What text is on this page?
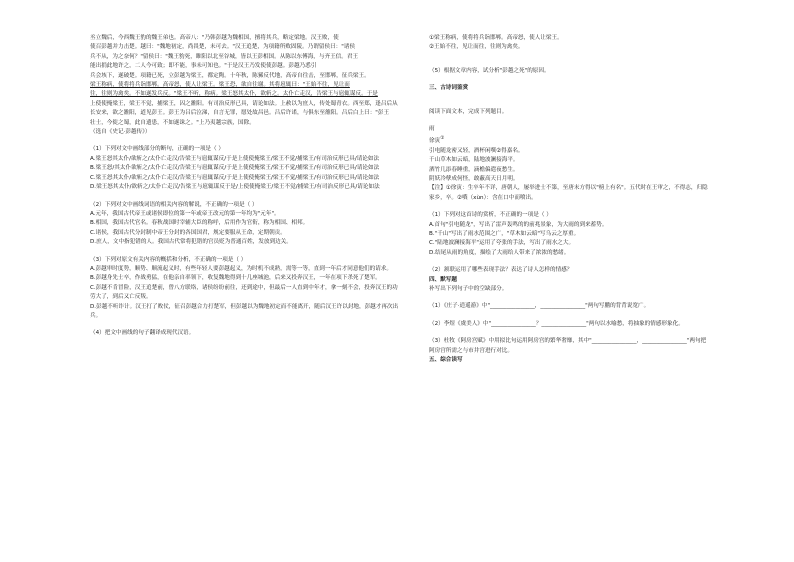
丞立魏后，今西魏王豹的魏王弟也。高帝八："乃韩彭越为魏相国，擅将其兵，略定梁地。汉王败，使

使召彭越并力击楚。越曰："魏地初定，尚畏楚，未可去。"汉王追楚，为项籍所败固陵。乃谓留侯曰："诸侯

兵不从，为之奈何？"留侯曰："魏王豹死，睢阳以北至谷城，皆以王彭相国。从陈以东傅海，与齐王信。君王

能出捐此地许之，二人今可致；即不能，事未可知也。"于是汉王乃发使使彭越。彭越乃悉引

兵会垓下，遂破楚。项籍已死，立彭越为梁王，都定陶。十年秋，陈豨反代地，高帝自往击，至邯郸，征兵梁王。

梁王称病，使将将兵诣邯郸。高帝怒，使人让梁王。梁王恐，欲自往谢。其将扈辄曰："王始不往，见让而

往，往则为禽矣。不如遂发兵反。"梁王不听，称病。梁王怒其太仆，欲斩之。太仆亡走汉，告梁王与扈辄谋反。于是

上使使掩梁王，梁王不觉，捕梁王，囚之雒阳。有司治反形已具，请论如法。上赦以为庶人，传处蜀青衣。西至郑，逢吕后从长安来，欲之雒阳，道见彭王。彭王为吕后泣涕，自言无罪，愿处故昌邑。吕后许诺，与俱东至雒阳。吕后白上曰："彭王

壮士，今徙之蜀，此自遗患，不如遂诛之。"上乃夷越宗族，国除。

（选自《史记·彭越传》）

（1）下列对文中画线部分的断句，正确的一项是（ ）

A.梁王怒其太仆/欲斩之/太仆亡走汉/告梁王与扈辄谋反/于是上使使掩梁王/梁王不觉/捕梁王/有司治反形已具/请论如法

B.梁王怒/其太仆欲斩之/太仆亡走汉/告梁王与扈辄谋反/于是上使使掩梁王/梁王不觉/捕梁王/有司治反形已具/请论如法

C.梁王怒其太仆/欲斩之/太仆亡走汉/告梁王与扈辄谋反/于是上使使掩梁王/梁王不觉/捕梁王/有司治反形已具/请论如法

D.梁王怒其太仆/欲斩之/太仆亡走汉/告梁王与扈辄谋反于是/上使使掩梁王/梁王不觉/捕梁王/有司治反形已具/请论如法

（2）下列对文中画线词语的相关内容的解说，不正确的一项是（ ）

A.元年，我国古代帝王或诸侯即位的第一年或帝王改元的第一年均为"元年"。

B.相国，我国古代官名。春秋战国时宰辅大臣的称呼，后用作为官衔，称为相国、相邦。

C.诸侯，我国古代分封制中帝王分封的各国国君，规定要服从王命，定期朝贡。

D.庶人，文中指犯错的人。我国古代常将犯错的官员贬为普通百姓，发放到边关。

（3）下列对原文有关内容的概括和分析，不正确的一项是（ ）

A.彭越审时度势，顺势、顺流起义时，有些年轻人要彭越起义，为时机不成熟，需等一等，直到一年后才同意他们的请求。

B.彭越身先士卒，作战勇猛，在他亲自率领下，收复魏地得到十几座城池，后来又投奔汉王，一年在项下杀死了楚军。

C.彭越不肯冒险，汉王追楚前，曾八方联络，诸侯纷纷前往，还到途中，但最后一人直到中年才，拿一刻不会，投奔汉王的功劳大了，到后又亡反叛。

D.彭越不听诈计。汉王打了败仗，征召彭越合力打楚军，但彭越以为魏地初定而不能离开，随后汉王许以封地，彭越才再次出兵。

（4）把文中画线的句子翻译成现代汉语。

①梁王称病，使将将兵诣邯郸。高帝怒，使人让梁王。

②王始不往，见让而往，往则为禽矣。

（5）根据文章内容，试分析"彭越之死"的原因。

三、古诗词鉴赏

阅读下面文本，完成下列题目。

雨

徐寅①

引电随龙密又轻，酒杯闲噀②得嘉名。

千山草木如云暗，陆地波澜接海平。

洒竹几添春睡重，滴檐偏遣夜愁生。

阴妖冷孽成何怪，敢蔽高天日月明。

【注】①徐寅：生卒年不详，唐朝人，屡举进士不第，至唐末方得以"榜上有名"。五代时在王审之，不得志，归隐家乡，卒。②噀（xùn）：含在口中而喷出。

（1）下列对这首诗的赏析，不正确的一项是（ ）

A.首句"引电随龙"，写出了雷声轰鸣的的前兆景象，为大雨的到来蓄势。

B."千山"写出了雨水范围之广，"草木如云暗"写乌云之厚重。

C."陆地波澜接海平"运用了夸张的手法，写出了雨水之大。

D.结尾从雨的角度，描绘了大雨给人带来了浓浓的愁绪。

（2）颔联运用了哪些表现手法？表达了诗人怎样的情感？

四、默写题

补写出下列句子中的空缺部分。

（1）《庄子·逍遥游》中"________________，________________"两句写鹏的背背说宽广。

（2）李煜《虞美人》中"________________？________________"两句以水喻愁，将抽象的情感形象化。

（3）杜牧《阿房宫赋》中用拟比句运用阿房宫的繁华奢靡，其中"________________，________________"两句把阿房宫所需之与市井宫进行对比。

五、综合读写
